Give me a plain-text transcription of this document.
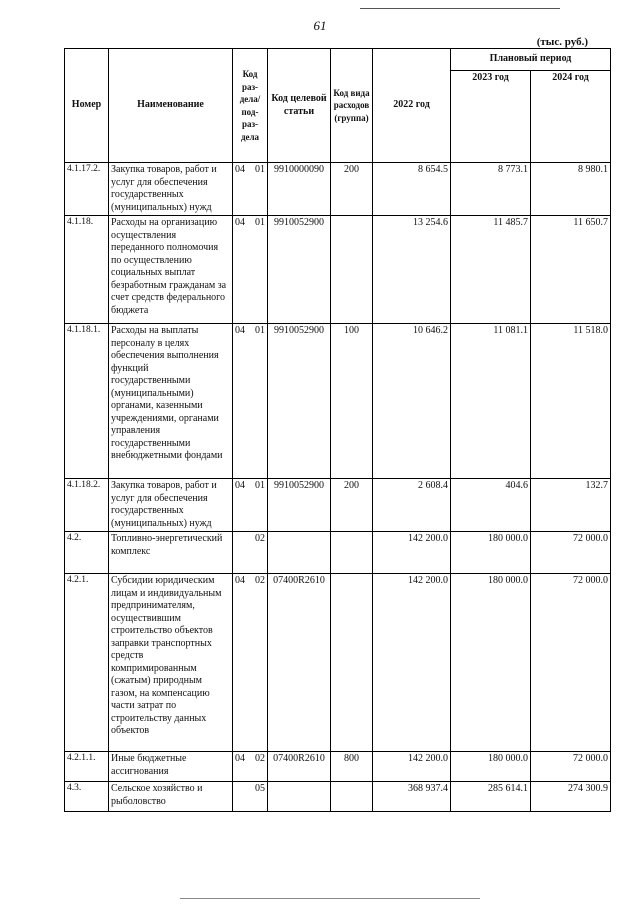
61
(тыс. руб.)
Номер	Наименование	Код раз-дела/ под-раз-дела		Код целевой статьи	Код вида расходов (группа)	2022 год	Плановый период	
							2023 год	2024 год
4.1.17.2.	Закупка товаров, работ и услуг для обеспечения государственных (муниципальных) нужд	04	01	9910000090	200	8 654.5	8 773.1	8 980.1
4.1.18.	Расходы на организацию осуществления переданного полномочия по осуществлению социальных выплат безработным гражданам за счет средств федерального бюджета	04	01	9910052900		13 254.6	11 485.7	11 650.7
4.1.18.1.	Расходы на выплаты персоналу в целях обеспечения выполнения функций государственными (муниципальными) органами, казенными учреждениями, органами управления государственными внебюджетными фондами	04	01	9910052900	100	10 646.2	11 081.1	11 518.0
4.1.18.2.	Закупка товаров, работ и услуг для обеспечения государственных (муниципальных) нужд	04	01	9910052900	200	2 608.4	404.6	132.7
4.2.	Топливно-энергетический комплекс		02			142 200.0	180 000.0	72 000.0
4.2.1.	Субсидии юридическим лицам и индивидуальным предпринимателям, осуществившим строительство объектов заправки транспортных средств компримированным (сжатым) природным газом, на компенсацию части затрат по строительству данных объектов	04	02	07400R2610		142 200.0	180 000.0	72 000.0
4.2.1.1.	Иные бюджетные ассигнования	04	02	07400R2610	800	142 200.0	180 000.0	72 000.0
4.3.	Сельское хозяйство и рыболовство		05			368 937.4	285 614.1	274 300.9
